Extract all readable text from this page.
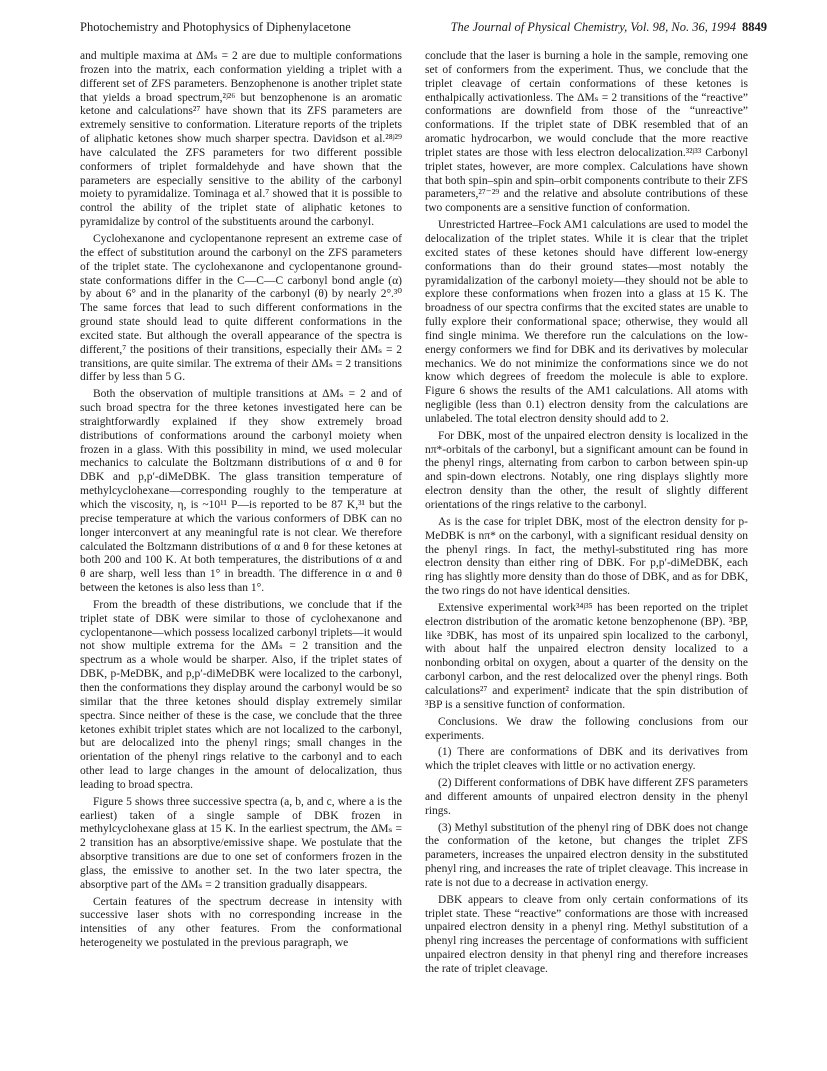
Photochemistry and Photophysics of Diphenylacetone	The Journal of Physical Chemistry, Vol. 98, No. 36, 1994 8849

and multiple maxima at ΔMₛ = 2 are due to multiple conformations frozen into the matrix, each conformation yielding a triplet with a different set of ZFS parameters. Benzophenone is another triplet state that yields a broad spectrum,²ʲ²⁶ but benzophenone is an aromatic ketone and calculations²⁷ have shown that its ZFS parameters are extremely sensitive to conformation. Literature reports of the triplets of aliphatic ketones show much sharper spectra. Davidson et al.²⁸ʲ²⁹ have calculated the ZFS parameters for two different possible conformers of triplet formaldehyde and have shown that the parameters are especially sensitive to the ability of the carbonyl moiety to pyramidalize. Tominaga et al.⁷ showed that it is possible to control the ability of the triplet state of aliphatic ketones to pyramidalize by control of the substituents around the carbonyl.

Cyclohexanone and cyclopentanone represent an extreme case of the effect of substitution around the carbonyl on the ZFS parameters of the triplet state. The cyclohexanone and cyclopentanone ground-state conformations differ in the C—C—C carbonyl bond angle (α) by about 6° and in the planarity of the carbonyl (θ) by nearly 2°.³⁰ The same forces that lead to such different conformations in the ground state should lead to quite different conformations in the excited state. But although the overall appearance of the spectra is different,⁷ the positions of their transitions, especially their ΔMₛ = 2 transitions, are quite similar. The extrema of their ΔMₛ = 2 transitions differ by less than 5 G.

Both the observation of multiple transitions at ΔMₛ = 2 and of such broad spectra for the three ketones investigated here can be straightforwardly explained if they show extremely broad distributions of conformations around the carbonyl moiety when frozen in a glass. With this possibility in mind, we used molecular mechanics to calculate the Boltzmann distributions of α and θ for DBK and p,p′-diMeDBK. The glass transition temperature of methylcyclohexane—corresponding roughly to the temperature at which the viscosity, η, is ~10¹¹ P—is reported to be 87 K,³¹ but the precise temperature at which the various conformers of DBK can no longer interconvert at any meaningful rate is not clear. We therefore calculated the Boltzmann distributions of α and θ for these ketones at both 200 and 100 K. At both temperatures, the distributions of α and θ are sharp, well less than 1° in breadth. The difference in α and θ between the ketones is also less than 1°.

From the breadth of these distributions, we conclude that if the triplet state of DBK were similar to those of cyclohexanone and cyclopentanone—which possess localized carbonyl triplets—it would not show multiple extrema for the ΔMₛ = 2 transition and the spectrum as a whole would be sharper. Also, if the triplet states of DBK, p-MeDBK, and p,p′-diMeDBK were localized to the carbonyl, then the conformations they display around the carbonyl would be so similar that the three ketones should display extremely similar spectra. Since neither of these is the case, we conclude that the three ketones exhibit triplet states which are not localized to the carbonyl, but are delocalized into the phenyl rings; small changes in the orientation of the phenyl rings relative to the carbonyl and to each other lead to large changes in the amount of delocalization, thus leading to broad spectra.

Figure 5 shows three successive spectra (a, b, and c, where a is the earliest) taken of a single sample of DBK frozen in methylcyclohexane glass at 15 K. In the earliest spectrum, the ΔMₛ = 2 transition has an absorptive/emissive shape. We postulate that the absorptive transitions are due to one set of conformers frozen in the glass, the emissive to another set. In the two later spectra, the absorptive part of the ΔMₛ = 2 transition gradually disappears.

Certain features of the spectrum decrease in intensity with successive laser shots with no corresponding increase in the intensities of any other features. From the conformational heterogeneity we postulated in the previous paragraph, we

conclude that the laser is burning a hole in the sample, removing one set of conformers from the experiment. Thus, we conclude that the triplet cleavage of certain conformations of these ketones is enthalpically activationless. The ΔMₛ = 2 transitions of the “reactive” conformations are downfield from those of the “unreactive” conformations. If the triplet state of DBK resembled that of an aromatic hydrocarbon, we would conclude that the more reactive triplet states are those with less electron delocalization.³²ʲ³³ Carbonyl triplet states, however, are more complex. Calculations have shown that both spin–spin and spin–orbit components contribute to their ZFS parameters,²⁷⁻²⁹ and the relative and absolute contributions of these two components are a sensitive function of conformation.

Unrestricted Hartree–Fock AM1 calculations are used to model the delocalization of the triplet states. While it is clear that the triplet excited states of these ketones should have different low-energy conformations than do their ground states—most notably the pyramidalization of the carbonyl moiety—they should not be able to explore these conformations when frozen into a glass at 15 K. The broadness of our spectra confirms that the excited states are unable to fully explore their conformational space; otherwise, they would all find single minima. We therefore run the calculations on the low-energy conformers we find for DBK and its derivatives by molecular mechanics. We do not minimize the conformations since we do not know which degrees of freedom the molecule is able to explore. Figure 6 shows the results of the AM1 calculations. All atoms with negligible (less than 0.1) electron density from the calculations are unlabeled. The total electron density should add to 2.

For DBK, most of the unpaired electron density is localized in the nπ*-orbitals of the carbonyl, but a significant amount can be found in the phenyl rings, alternating from carbon to carbon between spin-up and spin-down electrons. Notably, one ring displays slightly more electron density than the other, the result of slightly different orientations of the rings relative to the carbonyl.

As is the case for triplet DBK, most of the electron density for p-MeDBK is nπ* on the carbonyl, with a significant residual density on the phenyl rings. In fact, the methyl-substituted ring has more electron density than either ring of DBK. For p,p′-diMeDBK, each ring has slightly more density than do those of DBK, and as for DBK, the two rings do not have identical densities.

Extensive experimental work³⁴ʲ³⁵ has been reported on the triplet electron distribution of the aromatic ketone benzophenone (BP). ³BP, like ³DBK, has most of its unpaired spin localized to the carbonyl, with about half the unpaired electron density localized to a nonbonding orbital on oxygen, about a quarter of the density on the carbonyl carbon, and the rest delocalized over the phenyl rings. Both calculations²⁷ and experiment² indicate that the spin distribution of ³BP is a sensitive function of conformation.

Conclusions. We draw the following conclusions from our experiments.

(1) There are conformations of DBK and its derivatives from which the triplet cleaves with little or no activation energy.

(2) Different conformations of DBK have different ZFS parameters and different amounts of unpaired electron density in the phenyl rings.

(3) Methyl substitution of the phenyl ring of DBK does not change the conformation of the ketone, but changes the triplet ZFS parameters, increases the unpaired electron density in the substituted phenyl ring, and increases the rate of triplet cleavage. This increase in rate is not due to a decrease in activation energy.

DBK appears to cleave from only certain conformations of its triplet state. These “reactive” conformations are those with increased unpaired electron density in a phenyl ring. Methyl substitution of a phenyl ring increases the percentage of conformations with sufficient unpaired electron density in that phenyl ring and therefore increases the rate of triplet cleavage.
